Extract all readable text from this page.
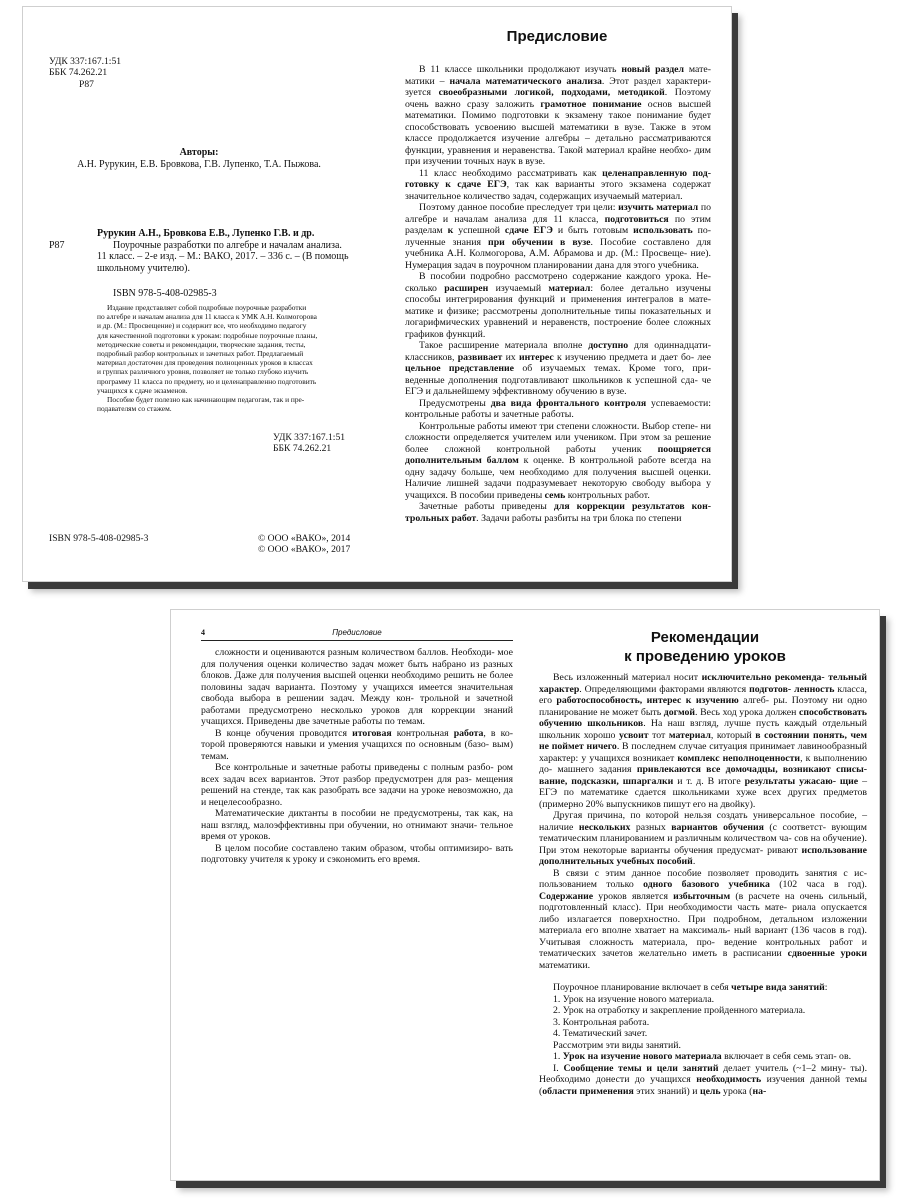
УДК 337:167.1:51
ББК 74.262.21
Р87
Авторы:
А.Н. Рурукин, Е.В. Бровкова, Г.В. Лупенко, Т.А. Пыжова.
Р87
Рурукин А.Н., Бровкова Е.В., Лупенко Г.В. и др.
Поурочные разработки по алгебре и началам анализа.
11 класс. – 2-е изд. – М.: ВАКО, 2017. – 336 с. – (В помощь
школьному учителю).
ISBN 978-5-408-02985-3
Издание представляет собой подробные поурочные разработки
по алгебре и началам анализа для 11 класса к УМК А.Н. Колмогорова
и др. (М.: Просвещение) и содержит все, что необходимо педагогу
для качественной подготовки к урокам: подробные поурочные планы,
методические советы и рекомендации, творческие задания, тесты,
подробный разбор контрольных и зачетных работ. Предлагаемый
материал достаточен для проведения полноценных уроков в классах
и группах различного уровня, позволяет не только глубоко изучить
программу 11 класса по предмету, но и целенаправленно подготовить
учащихся к сдаче экзаменов.
Пособие будет полезно как начинающим педагогам, так и пре-
подавателям со стажем.
УДК 337:167.1:51
ББК 74.262.21
ISBN 978-5-408-02985-3	© ООО «ВАКО», 2014
© ООО «ВАКО», 2017
Предисловие

В 11 классе школьники продолжают изучать новый раздел мате- матики – начала математического анализа. Этот раздел характери- зуется своеобразными логикой, подходами, методикой. Поэтому очень важно сразу заложить грамотное понимание основ высшей математики. Помимо подготовки к экзамену такое понимание будет способствовать усвоению высшей математики в вузе. Также в этом классе продолжается изучение алгебры – детально рассматриваются функции, уравнения и неравенства. Такой материал крайне необхо- дим при изучении точных наук в вузе.

11 класс необходимо рассматривать как целенаправленную под- готовку к сдаче ЕГЭ, так как варианты этого экзамена содержат значительное количество задач, содержащих изучаемый материал.

Поэтому данное пособие преследует три цели: изучить материал по алгебре и началам анализа для 11 класса, подготовиться по этим разделам к успешной сдаче ЕГЭ и быть готовым использовать по- лученные знания при обучении в вузе. Пособие составлено для учебника А.Н. Колмогорова, А.М. Абрамова и др. (М.: Просвеще- ние). Нумерация задач в поурочном планировании дана для этого учебника.

В пособии подробно рассмотрено содержание каждого урока. Не- сколько расширен изучаемый материал: более детально изучены способы интегрирования функций и применения интегралов в мате- матике и физике; рассмотрены дополнительные типы показательных и логарифмических уравнений и неравенств, построение более сложных графиков функций.

Такое расширение материала вполне доступно для одиннадцати- классников, развивает их интерес к изучению предмета и дает бо- лее цельное представление об изучаемых темах. Кроме того, при- веденные дополнения подготавливают школьников к успешной сда- че ЕГЭ и дальнейшему эффективному обучению в вузе.

Предусмотрены два вида фронтального контроля успеваемости: контрольные работы и зачетные работы.

Контрольные работы имеют три степени сложности. Выбор степе- ни сложности определяется учителем или учеником. При этом за решение более сложной контрольной работы ученик поощряется дополнительным баллом к оценке. В контрольной работе всегда на одну задачу больше, чем необходимо для получения высшей оценки. Наличие лишней задачи подразумевает некоторую свободу выбора у учащихся. В пособии приведены семь контрольных работ.

Зачетные работы приведены для коррекции результатов кон- трольных работ. Задачи работы разбиты на три блока по степени

4	Предисловие

сложности и оцениваются разным количеством баллов. Необходи- мое для получения оценки количество задач может быть набрано из разных блоков. Даже для получения высшей оценки необходимо решить не более половины задач варианта. Поэтому у учащихся имеется значительная свобода выбора в решении задач. Между кон- трольной и зачетной работами предусмотрено несколько уроков для коррекции знаний учащихся. Приведены две зачетные работы по темам.

В конце обучения проводится итоговая контрольная работа, в ко- торой проверяются навыки и умения учащихся по основным (базо- вым) темам.

Все контрольные и зачетные работы приведены с полным разбо- ром всех задач всех вариантов. Этот разбор предусмотрен для раз- мещения решений на стенде, так как разобрать все задачи на уроке невозможно, да и нецелесообразно.

Математические диктанты в пособии не предусмотрены, так как, на наш взгляд, малоэффективны при обучении, но отнимают значи- тельное время от уроков.

В целом пособие составлено таким образом, чтобы оптимизиро- вать подготовку учителя к уроку и сэкономить его время.

Рекомендации
к проведению уроков

Весь изложенный материал носит исключительно рекоменда- тельный характер. Определяющими факторами являются подготов- ленность класса, его работоспособность, интерес к изучению алгеб- ры. Поэтому ни одно планирование не может быть догмой. Весь ход урока должен способствовать обучению школьников. На наш взгляд, лучше пусть каждый отдельный школьник хорошо усвоит тот материал, который в состоянии понять, чем не поймет ничего. В последнем случае ситуация принимает лавинообразный характер: у учащихся возникает комплекс неполноценности, к выполнению до- машнего задания привлекаются все домочадцы, возникают списы- вание, подсказки, шпаргалки и т. д. В итоге результаты ужасаю- щие – ЕГЭ по математике сдается школьниками хуже всех других предметов (примерно 20% выпускников пишут его на двойку).

Другая причина, по которой нельзя создать универсальное пособие, – наличие нескольких разных вариантов обучения (с соответст- вующим тематическим планированием и различным количеством ча- сов на обучение). При этом некоторые варианты обучения предусмат- ривают использование дополнительных учебных пособий.

В связи с этим данное пособие позволяет проводить занятия с ис- пользованием только одного базового учебника (102 часа в год). Содержание уроков является избыточным (в расчете на очень сильный, подготовленный класс). При необходимости часть мате- риала опускается либо излагается поверхностно. При подробном, детальном изложении материала его вполне хватает на максималь- ный вариант (136 часов в год). Учитывая сложность материала, про- ведение контрольных работ и тематических зачетов желательно иметь в расписании сдвоенные уроки математики.

Поурочное планирование включает в себя четыре вида занятий:

1. Урок на изучение нового материала.

2. Урок на отработку и закрепление пройденного материала.

3. Контрольная работа.

4. Тематический зачет.

Рассмотрим эти виды занятий.

1. Урок на изучение нового материала включает в себя семь этап- ов.

I. Сообщение темы и цели занятий делает учитель (~1–2 мину- ты). Необходимо донести до учащихся необходимость изучения данной темы (области применения этих знаний) и цель урока (на-
